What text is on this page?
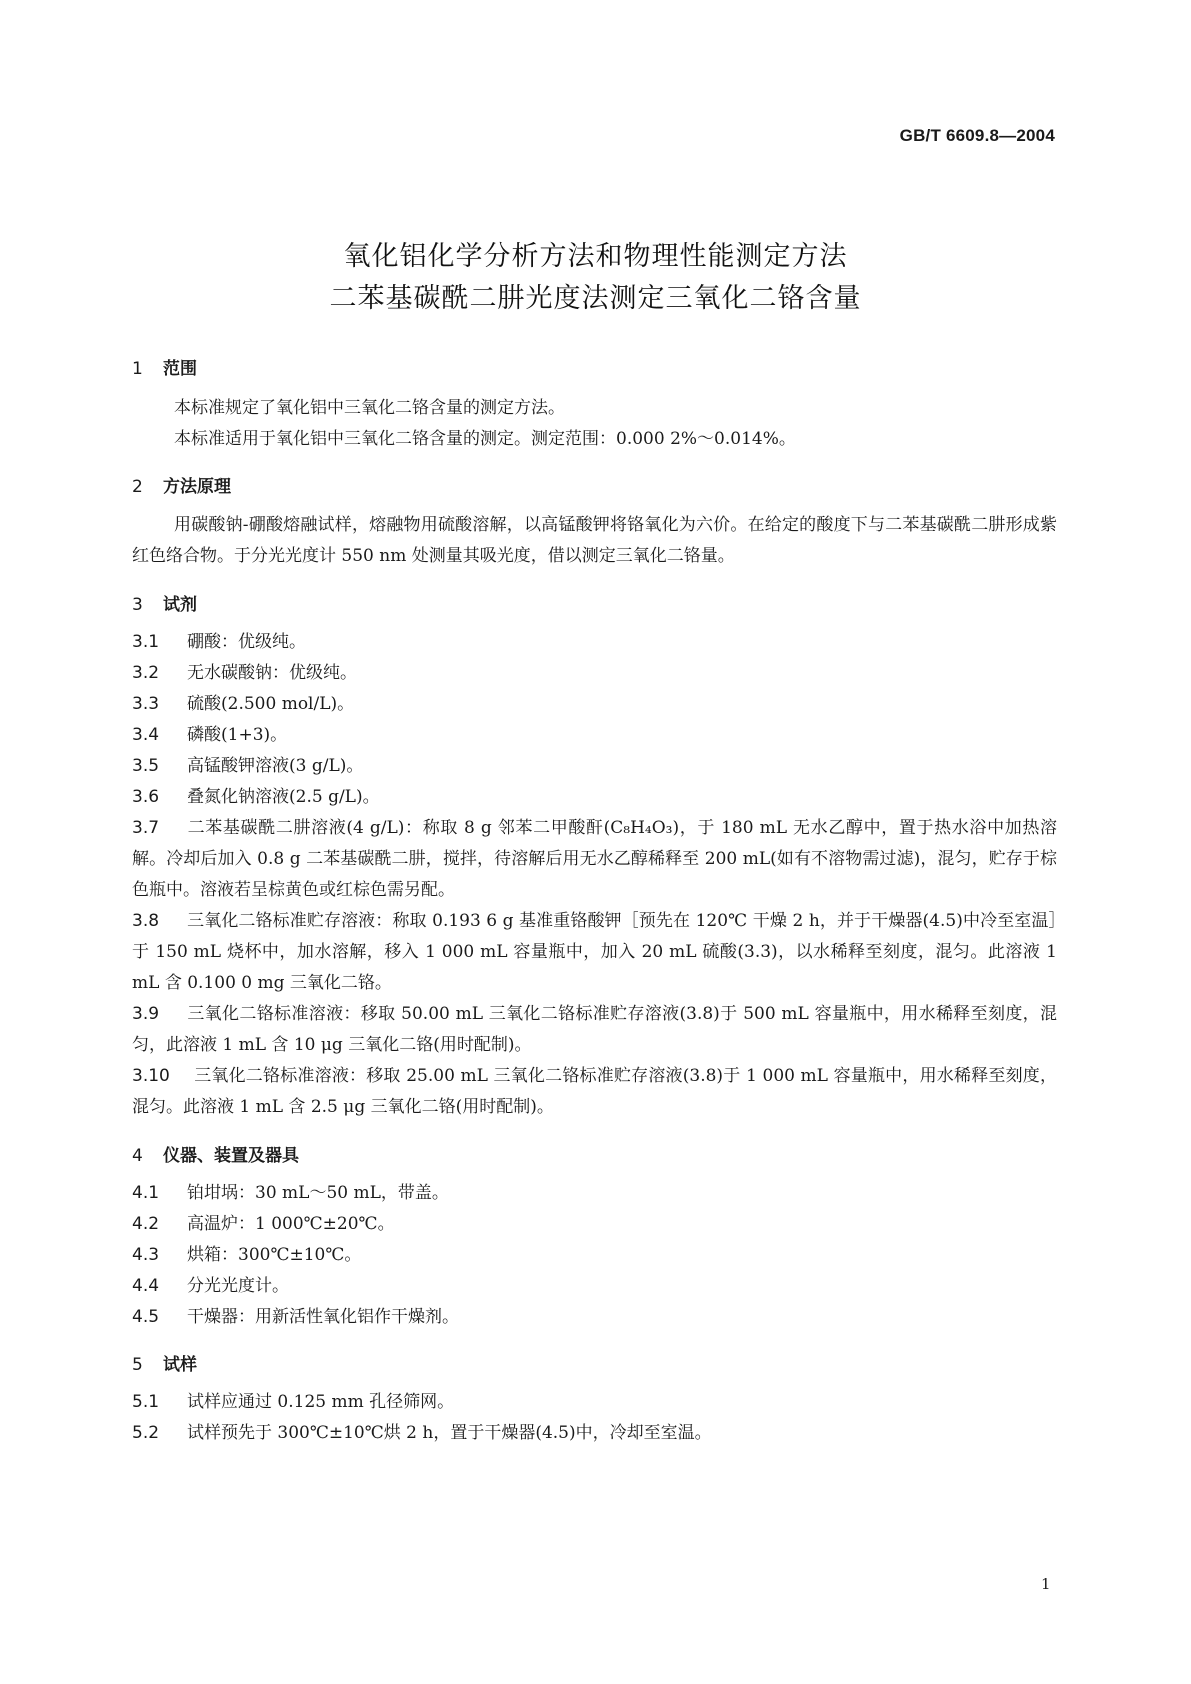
GB/T 6609.8—2004
氧化铝化学分析方法和物理性能测定方法
二苯基碳酰二肼光度法测定三氧化二铬含量
1 范围
本标准规定了氧化铝中三氧化二铬含量的测定方法。
本标准适用于氧化铝中三氧化二铬含量的测定。测定范围：0.000 2%～0.014%。
2 方法原理
用碳酸钠-硼酸熔融试样，熔融物用硫酸溶解，以高锰酸钾将铬氧化为六价。在给定的酸度下与二苯基碳酰二肼形成紫红色络合物。于分光光度计 550 nm 处测量其吸光度，借以测定三氧化二铬量。
3 试剂
3.1 硼酸：优级纯。
3.2 无水碳酸钠：优级纯。
3.3 硫酸(2.500 mol/L)。
3.4 磷酸(1+3)。
3.5 高锰酸钾溶液(3 g/L)。
3.6 叠氮化钠溶液(2.5 g/L)。
3.7 二苯基碳酰二肼溶液(4 g/L)：称取 8 g 邻苯二甲酸酐(C₈H₄O₃)，于 180 mL 无水乙醇中，置于热水浴中加热溶解。冷却后加入 0.8 g 二苯基碳酰二肼，搅拌，待溶解后用无水乙醇稀释至 200 mL(如有不溶物需过滤)，混匀，贮存于棕色瓶中。溶液若呈棕黄色或红棕色需另配。
3.8 三氧化二铬标准贮存溶液：称取 0.193 6 g 基准重铬酸钾［预先在 120℃ 干燥 2 h，并于干燥器(4.5)中冷至室温］于 150 mL 烧杯中，加水溶解，移入 1 000 mL 容量瓶中，加入 20 mL 硫酸(3.3)，以水稀释至刻度，混匀。此溶液 1 mL 含 0.100 0 mg 三氧化二铬。
3.9 三氧化二铬标准溶液：移取 50.00 mL 三氧化二铬标准贮存溶液(3.8)于 500 mL 容量瓶中，用水稀释至刻度，混匀，此溶液 1 mL 含 10 μg 三氧化二铬(用时配制)。
3.10 三氧化二铬标准溶液：移取 25.00 mL 三氧化二铬标准贮存溶液(3.8)于 1 000 mL 容量瓶中，用水稀释至刻度，混匀。此溶液 1 mL 含 2.5 μg 三氧化二铬(用时配制)。
4 仪器、装置及器具
4.1 铂坩埚：30 mL～50 mL，带盖。
4.2 高温炉：1 000℃±20℃。
4.3 烘箱：300℃±10℃。
4.4 分光光度计。
4.5 干燥器：用新活性氧化铝作干燥剂。
5 试样
5.1 试样应通过 0.125 mm 孔径筛网。
5.2 试样预先于 300℃±10℃烘 2 h，置于干燥器(4.5)中，冷却至室温。
1
